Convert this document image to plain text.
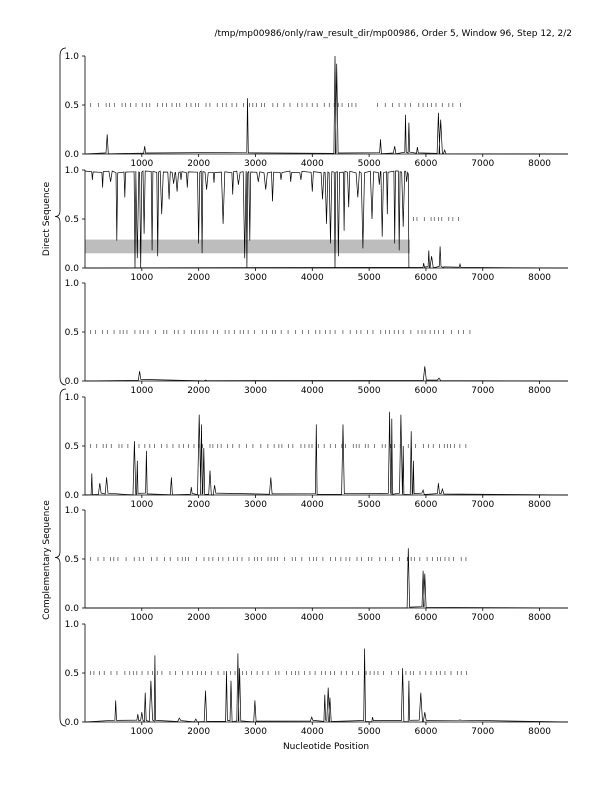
/tmp/mp00986/only/raw_result_dir/mp00986, Order 5, Window 96, Step 12, 2/2
Direct Sequence
Complementary Sequence
Nucleotide Position
0.0
0.5
1.0
1000	2000	3000	4000	5000	6000	7000	8000
0.0
0.5
1.0
1000	2000	3000	4000	5000	6000	7000	8000
0.0
0.5
1.0
1000	2000	3000	4000	5000	6000	7000	8000
0.0
0.5
1.0
1000	2000	3000	4000	5000	6000	7000	8000
0.0
0.5
1.0
1000	2000	3000	4000	5000	6000	7000	8000
0.0
0.5
1.0
1000	2000	3000	4000	5000	6000	7000	8000
